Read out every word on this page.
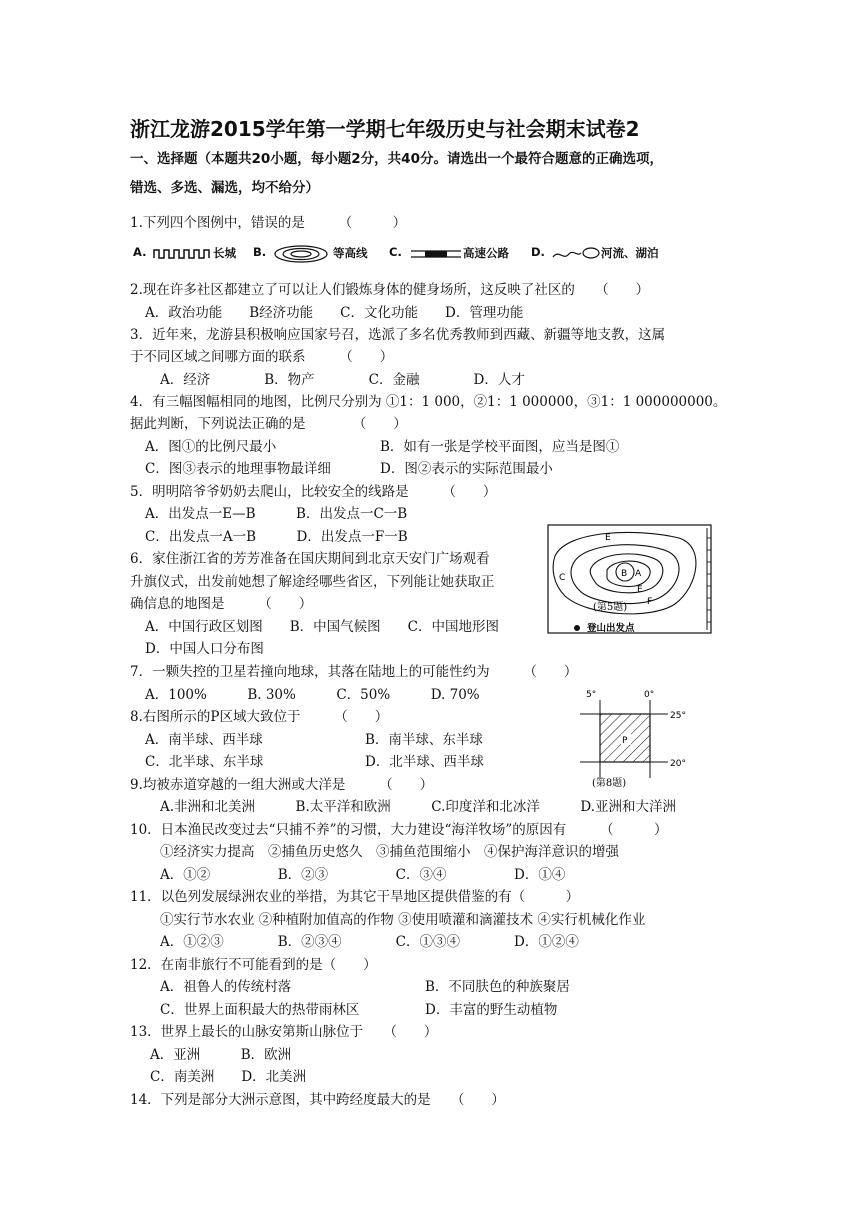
浙江龙游2015学年第一学期七年级历史与社会期末试卷2
一、选择题（本题共20小题，每小题2分，共40分。请选出一个最符合题意的正确选项，
错选、多选、漏选，均不给分）
1.下列四个图例中，错误的是　　　（　　　）
A.	长城 B.	等高线 C.	高速公路 D.	河流、湖泊
2.现在许多社区都建立了可以让人们锻炼身体的健身场所，这反映了社区的　　（　　）
A．政治功能　　B经济功能　　C．文化功能　　D．管理功能
3．近年来，龙游县积极响应国家号召，选派了多名优秀教师到西藏、新疆等地支教，这属
于不同区域之间哪方面的联系　　　（　　）
A．经济　　　　B．物产　　　　C．金融　　　　D．人才
4．有三幅图幅相同的地图，比例尺分别为 ①1：1 000，②1：1 000000，③1：1 000000000。
据此判断，下列说法正确的是　　　　（　　）
A．图①的比例尺最小	B．如有一张是学校平面图，应当是图①
C．图③表示的地理事物最详细	D．图②表示的实际范围最小
5．明明陪爷爷奶奶去爬山，比较安全的线路是　　　（　　）
A．出发点一E—B　　　B．出发点一C一B
C．出发点一A一B　　　D．出发点一F一B	E
B A
C
E
F
(第5题)
登山出发点
6．家住浙江省的芳芳准备在国庆期间到北京天安门广场观看
升旗仪式，出发前她想了解途经哪些省区，下列能让她获取正
确信息的地图是　　　（　　）
A．中国行政区划图　　B．中国气候图　　C．中国地形图
D．中国人口分布图
7．一颗失控的卫星若撞向地球，其落在陆地上的可能性约为　　　（　　）
A．100%　　　B. 30%　　　C．50%　　　D. 70%
8.右图所示的P区域大致位于　　　（　　）
A．南半球、西半球	B．南半球、东半球
C．北半球、东半球	D．北半球、西半球
5°	0°
P
25°
20°
(第8题)
9.均被赤道穿越的一组大洲或大洋是　　　（　　）
A.非洲和北美洲　　　B.太平洋和欧洲　　　C.印度洋和北冰洋　　　D.亚洲和大洋洲
10．日本渔民改变过去“只捕不养”的习惯，大力建设“海洋牧场”的原因有　　　（　　　）
①经济实力提高　②捕鱼历史悠久　③捕鱼范围缩小　④保护海洋意识的增强
A．①②　　　　　B．②③　　　　　C．③④　　　　　D．①④
11．以色列发展绿洲农业的举措，为其它干旱地区提供借鉴的有（　　　）
①实行节水农业 ②种植附加值高的作物 ③使用喷灌和滴灌技术 ④实行机械化作业
A．①②③　　　　B．②③④　　　　C．①③④　　　　D．①②④
12．在南非旅行不可能看到的是（　　）
A．祖鲁人的传统村落	B．不同肤色的种族聚居
C．世界上面积最大的热带雨林区	D．丰富的野生动植物
13．世界上最长的山脉安第斯山脉位于　　（　　）
A．亚洲　　　B．欧洲
C．南美洲　　D．北美洲
14．下列是部分大洲示意图，其中跨经度最大的是　　（　　）
